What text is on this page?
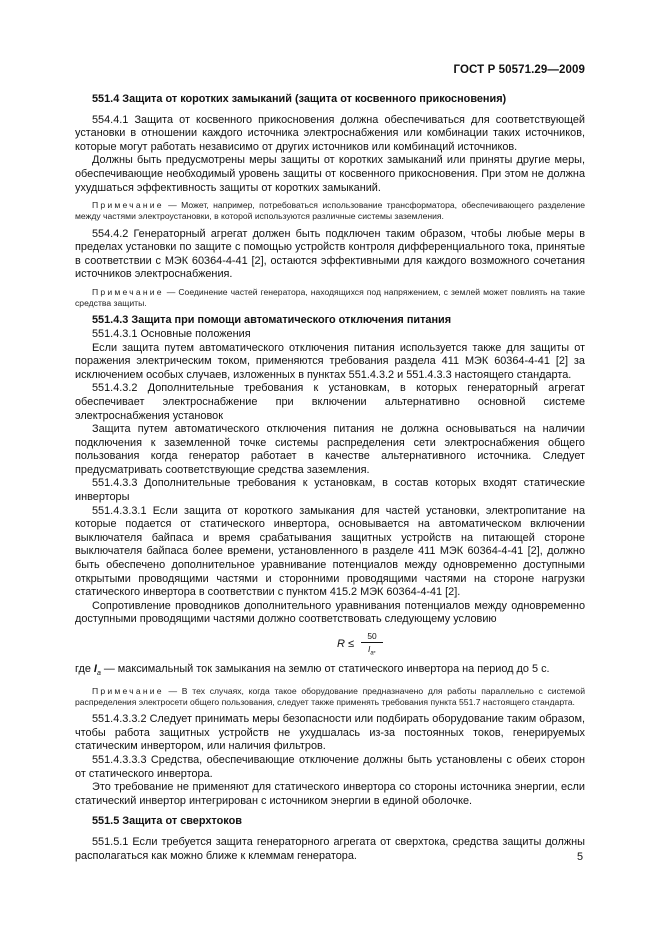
ГОСТ Р 50571.29—2009

551.4 Защита от коротких замыканий (защита от косвенного прикосновения)

554.4.1 Защита от косвенного прикосновения должна обеспечиваться для соответствующей установки в отношении каждого источника электроснабжения или комбинации таких источников, которые могут работать независимо от других источников или комбинаций источников.

Должны быть предусмотрены меры защиты от коротких замыканий или приняты другие меры, обеспечивающие необходимый уровень защиты от косвенного прикосновения. При этом не должна ухудшаться эффективность защиты от коротких замыканий.

Примечание — Может, например, потребоваться использование трансформатора, обеспечивающего разделение между частями электроустановки, в которой используются различные системы заземления.

554.4.2 Генераторный агрегат должен быть подключен таким образом, чтобы любые меры в пределах установки по защите с помощью устройств контроля дифференциального тока, принятые в соответствии с МЭК 60364-4-41 [2], остаются эффективными для каждого возможного сочетания источников электроснабжения.

Примечание — Соединение частей генератора, находящихся под напряжением, с землей может повлиять на такие средства защиты.

551.4.3 Защита при помощи автоматического отключения питания

551.4.3.1 Основные положения

Если защита путем автоматического отключения питания используется также для защиты от поражения электрическим током, применяются требования раздела 411 МЭК 60364-4-41 [2] за исключением особых случаев, изложенных в пунктах 551.4.3.2 и 551.4.3.3 настоящего стандарта.

551.4.3.2 Дополнительные требования к установкам, в которых генераторный агрегат обеспечивает электроснабжение при включении альтернативно основной системе электроснабжения установок

Защита путем автоматического отключения питания не должна основываться на наличии подключения к заземленной точке системы распределения сети электроснабжения общего пользования когда генератор работает в качестве альтернативного источника. Следует предусматривать соответствующие средства заземления.

551.4.3.3 Дополнительные требования к установкам, в состав которых входят статические инверторы

551.4.3.3.1 Если защита от короткого замыкания для частей установки, электропитание на которые подается от статического инвертора, основывается на автоматическом включении выключателя байпаса и время срабатывания защитных устройств на питающей стороне выключателя байпаса более времени, установленного в разделе 411 МЭК 60364-4-41 [2], должно быть обеспечено дополнительное уравнивание потенциалов между одновременно доступными открытыми проводящими частями и сторонними проводящими частями на стороне нагрузки статического инвертора в соответствии с пунктом 415.2 МЭК 60364-4-41 [2].

Сопротивление проводников дополнительного уравнивания потенциалов между одновременно доступными проводящими частями должно соответствовать следующему условию

$R \le \frac{50}{I_a,}$

где $I_a$ — максимальный ток замыкания на землю от статического инвертора на период до 5 с.

Примечание — В тех случаях, когда такое оборудование предназначено для работы параллельно с системой распределения электросети общего пользования, следует также применять требования пункта 551.7 настоящего стандарта.

551.4.3.3.2 Следует принимать меры безопасности или подбирать оборудование таким образом, чтобы работа защитных устройств не ухудшалась из-за постоянных токов, генерируемых статическим инвертором, или наличия фильтров.

551.4.3.3.3 Средства, обеспечивающие отключение должны быть установлены с обеих сторон от статического инвертора.

Это требование не применяют для статического инвертора со стороны источника энергии, если статический инвертор интегрирован с источником энергии в единой оболочке.

551.5 Защита от сверхтоков

551.5.1 Если требуется защита генераторного агрегата от сверхтока, средства защиты должны располагаться как можно ближе к клеммам генератора.	5
